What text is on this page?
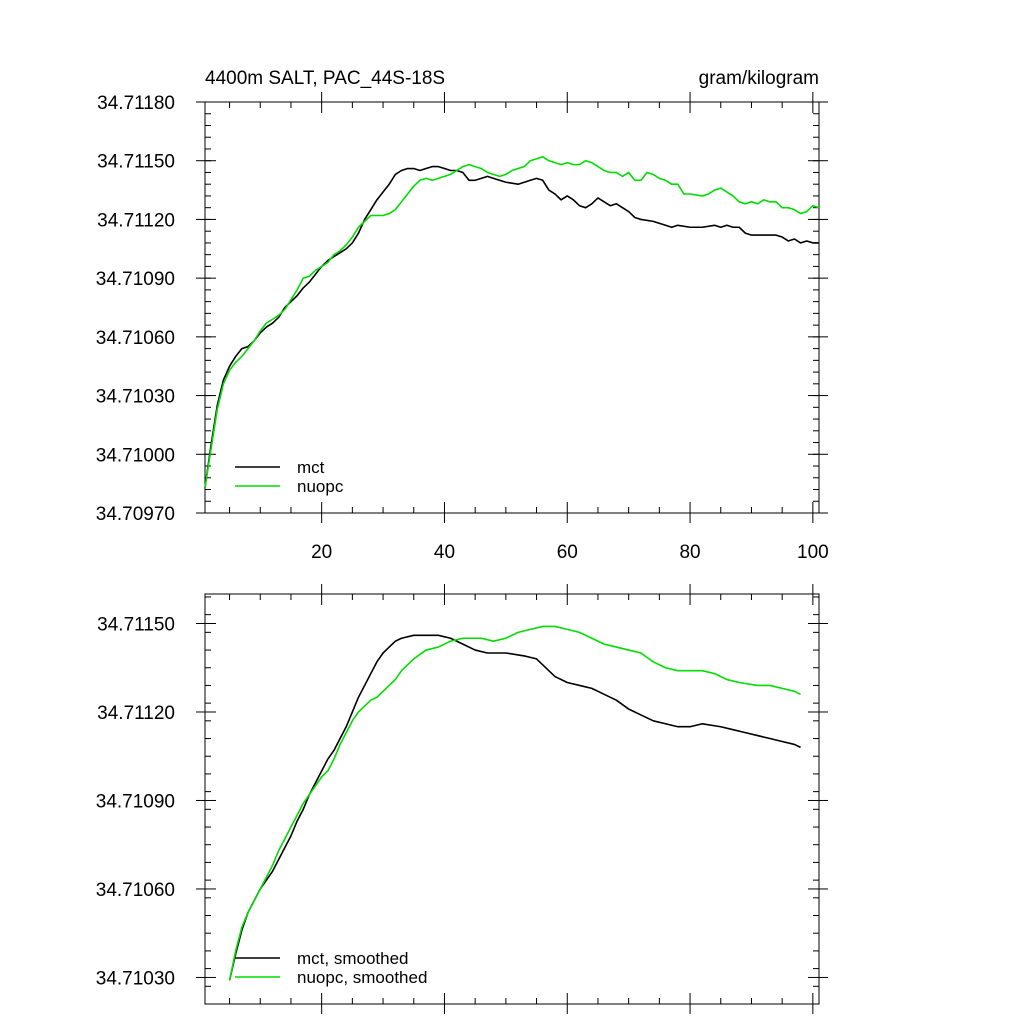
20	40	60	80	100
34.70970
34.71000
34.71030
34.71060
34.71090
34.71120
34.71150
34.71180
4400m SALT, PAC_44S-18S	gram/kilogram
mct
nuopc
34.71030
34.71060
34.71090
34.71120
34.71150
mct, smoothed
nuopc, smoothed
